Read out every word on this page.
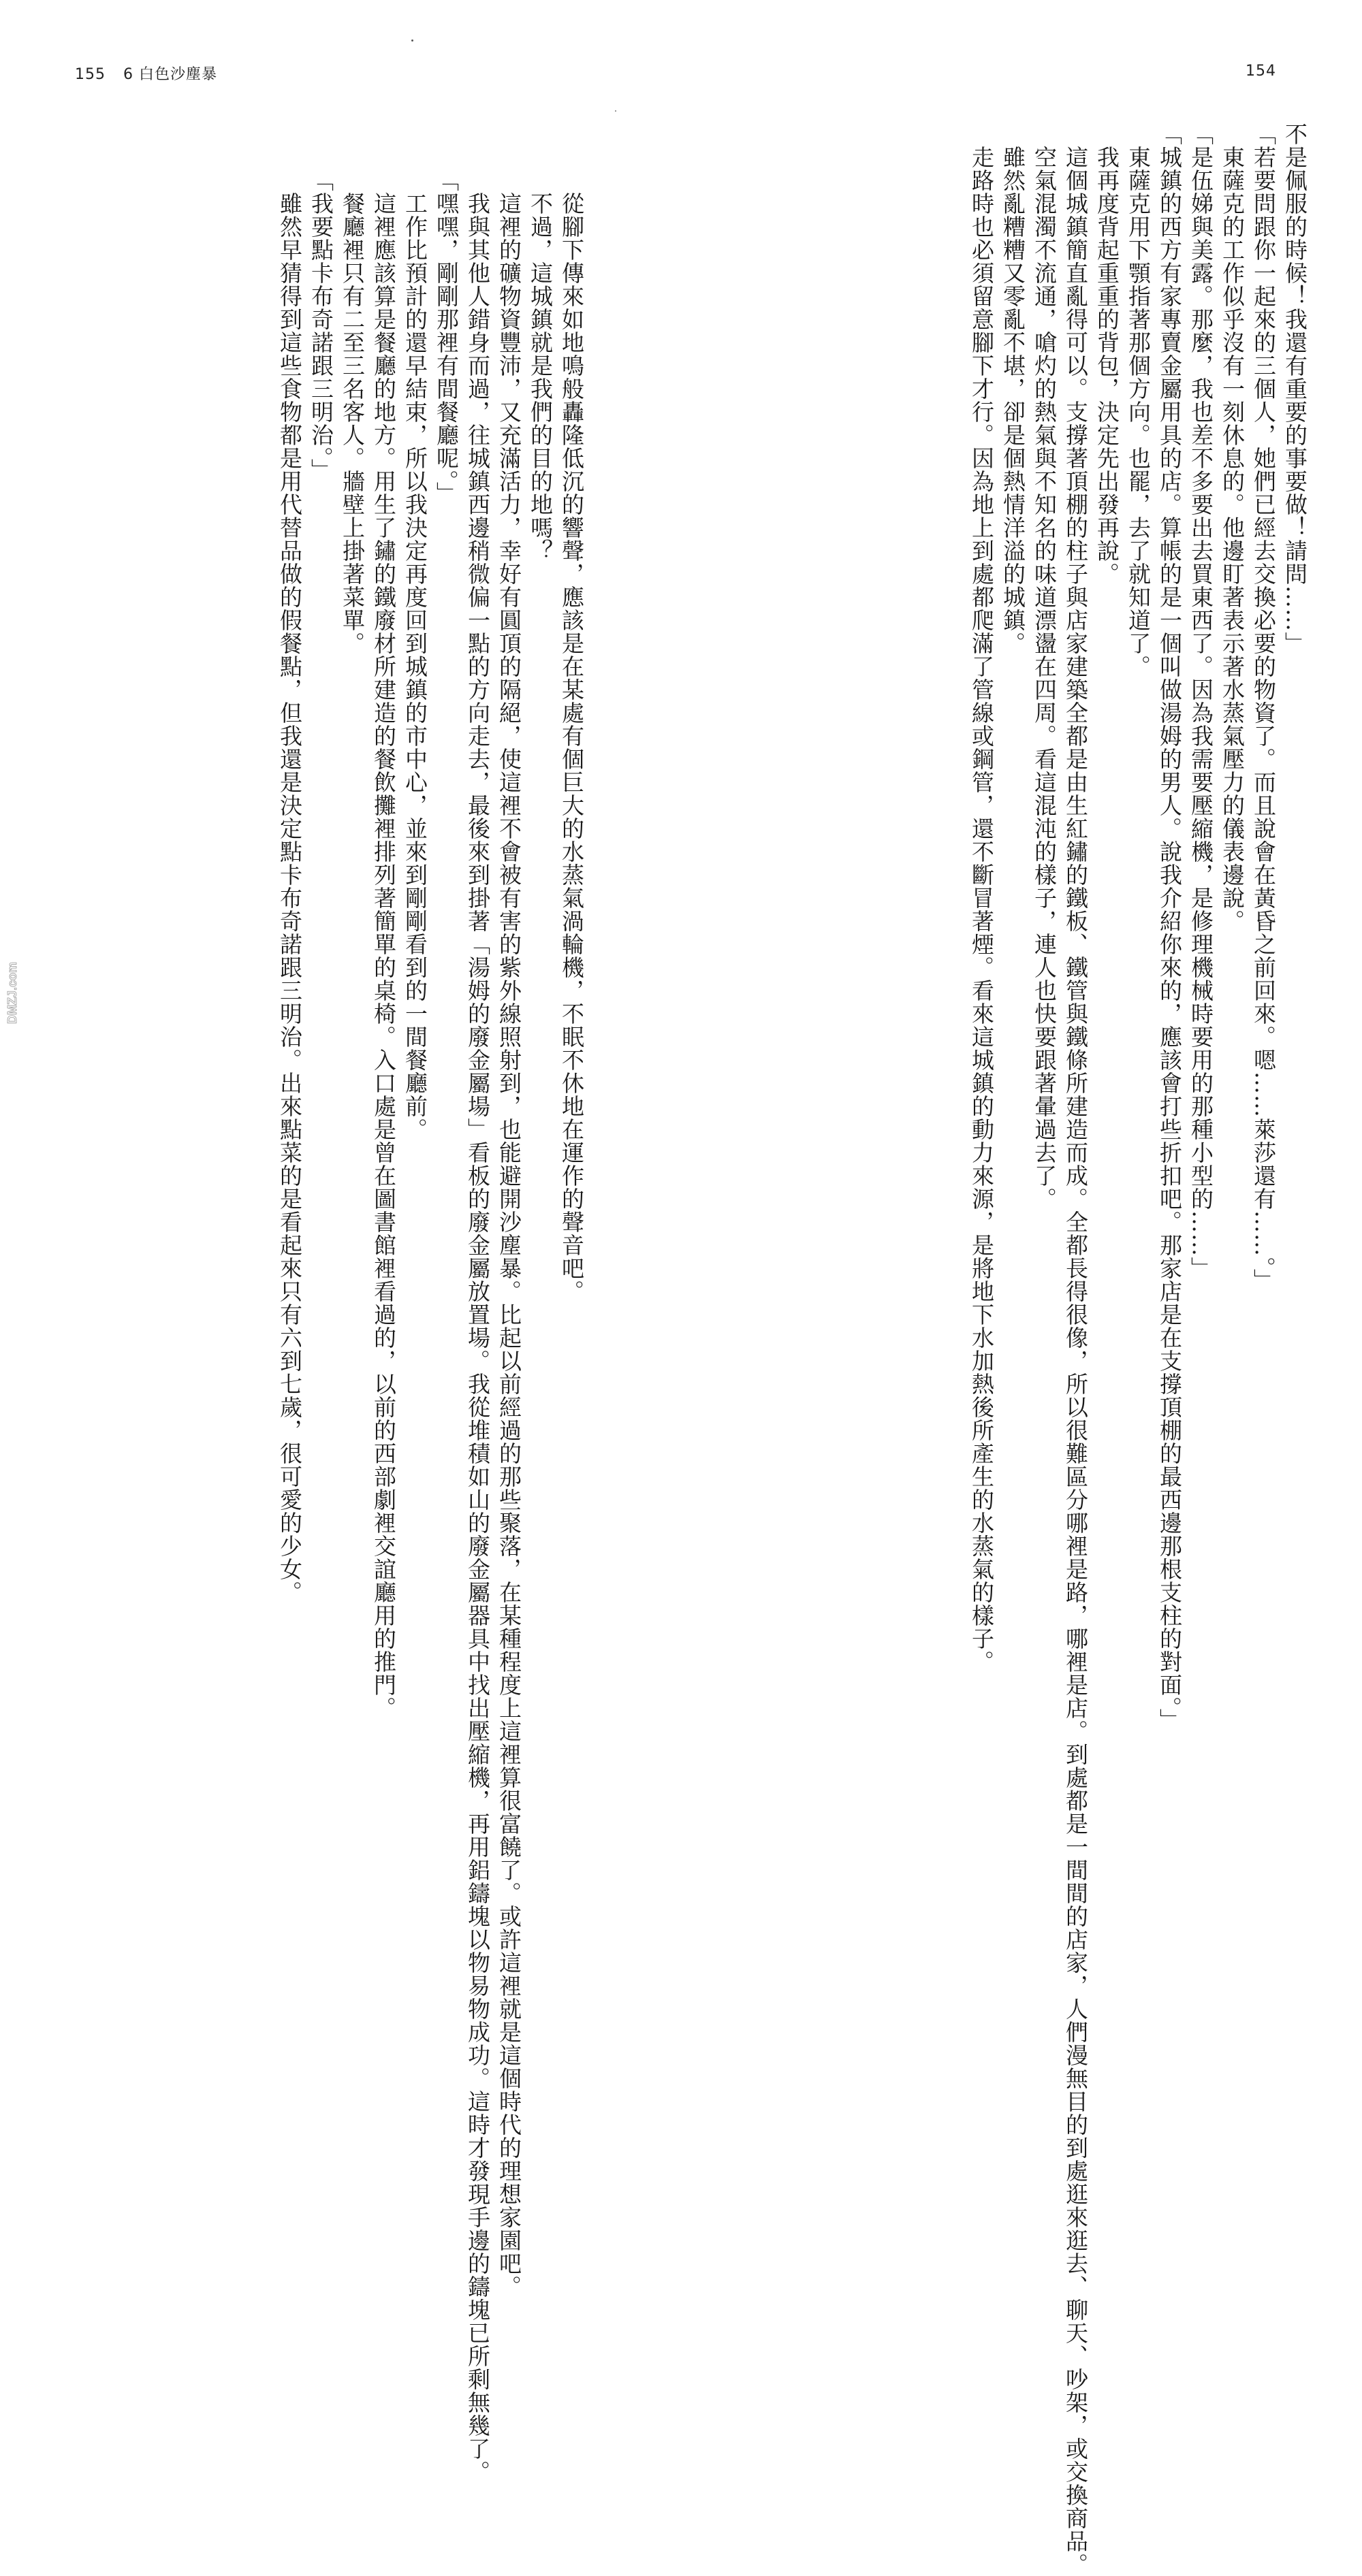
155 6 白色沙塵暴
　從腳下傳來如地鳴般轟隆低沉的響聲，應該是在某處有個巨大的水蒸氣渦輪機，不眠不休地在運作的聲音吧。
　不過，這城鎮就是我們的目的地嗎？
　這裡的礦物資豐沛，又充滿活力，幸好有圓頂的隔絕，使這裡不會被有害的紫外線照射到，也能避開沙塵暴。比起以前經過的那些聚落，在某種程度上這裡算很富饒了。或許這裡就是這個時代的理想家園吧。
　我與其他人錯身而過，往城鎮西邊稍微偏一點的方向走去，最後來到掛著「湯姆的廢金屬場」看板的廢金屬放置場。我從堆積如山的廢金屬器具中找出壓縮機，再用鋁鑄塊以物易物成功。這時才發現手邊的鑄塊已所剩無幾了。
「嘿嘿，剛剛那裡有間餐廳呢。」
　工作比預計的還早結束，所以我決定再度回到城鎮的市中心，並來到剛剛看到的一間餐廳前。
　這裡應該算是餐廳的地方。用生了鏽的鐵廢材所建造的餐飲攤裡排列著簡單的桌椅。入口處是曾在圖書館裡看過的，以前的西部劇裡交誼廳用的推門。
　餐廳裡只有二至三名客人。牆壁上掛著菜單。
「我要點卡布奇諾跟三明治。」
　雖然早猜得到這些食物都是用代替品做的假餐點，但我還是決定點卡布奇諾跟三明治。出來點菜的是看起來只有六到七歲，很可愛的少女。
154
不是佩服的時候！我還有重要的事要做！請問……」
「若要問跟你一起來的三個人，她們已經去交換必要的物資了。而且說會在黃昏之前回來。嗯……萊莎還有……。」
　東薩克的工作似乎沒有一刻休息的。他邊盯著表示著水蒸氣壓力的儀表邊說。
「是伍娣與美露。那麼，我也差不多要出去買東西了。因為我需要壓縮機，是修理機械時要用的那種小型的……」
「城鎮的西方有家專賣金屬用具的店。算帳的是一個叫做湯姆的男人。說我介紹你來的，應該會打些折扣吧。那家店是在支撐頂棚的最西邊那根支柱的對面。」
　東薩克用下顎指著那個方向。也罷，去了就知道了。
　我再度背起重重的背包，決定先出發再說。
　這個城鎮簡直亂得可以。支撐著頂棚的柱子與店家建築全都是由生紅鏽的鐵板、鐵管與鐵條所建造而成。全都長得很像，所以很難區分哪裡是路，哪裡是店。到處都是一間間的店家，人們漫無目的到處逛來逛去、聊天、吵架，或交換商品。
　空氣混濁不流通，嗆灼的熱氣與不知名的味道漂盪在四周。看這混沌的樣子，連人也快要跟著暈過去了。
　雖然亂糟糟又零亂不堪，卻是個熱情洋溢的城鎮。
　走路時也必須留意腳下才行。因為地上到處都爬滿了管線或鋼管，還不斷冒著煙。看來這城鎮的動力來源，是將地下水加熱後所產生的水蒸氣的樣子。
DMZJ.com
